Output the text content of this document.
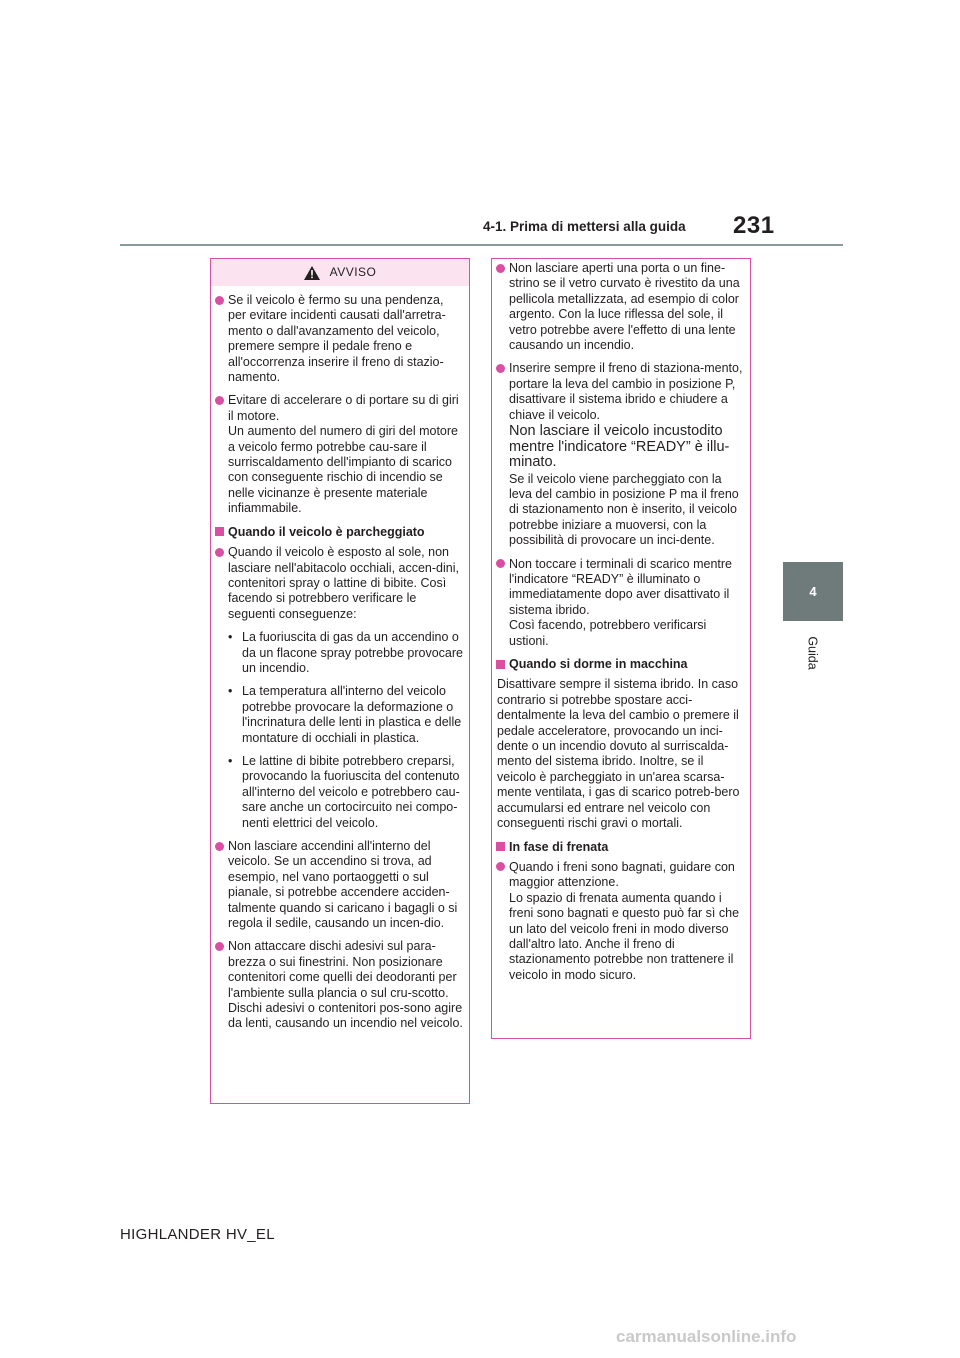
231
4-1. Prima di mettersi alla guida
4
Guida
AVVISO
Se il veicolo è fermo su una pendenza, per evitare incidenti causati dall'arretra-mento o dall'avanzamento del veicolo, premere sempre il pedale freno e all'occorrenza inserire il freno di stazio-namento.
Evitare di accelerare o di portare su di giri il motore.
Un aumento del numero di giri del motore a veicolo fermo potrebbe cau-sare il surriscaldamento dell'impianto di scarico con conseguente rischio di incendio se nelle vicinanze è presente materiale infiammabile.
Quando il veicolo è parcheggiato
Quando il veicolo è esposto al sole, non lasciare nell'abitacolo occhiali, accen-dini, contenitori spray o lattine di bibite. Così facendo si potrebbero verificare le seguenti conseguenze:
• La fuoriuscita di gas da un accendino o da un flacone spray potrebbe provocare un incendio.
• La temperatura all'interno del veicolo potrebbe provocare la deformazione o l'incrinatura delle lenti in plastica e delle montature di occhiali in plastica.
• Le lattine di bibite potrebbero creparsi, provocando la fuoriuscita del contenuto all'interno del veicolo e potrebbero cau-sare anche un cortocircuito nei compo-nenti elettrici del veicolo.
Non lasciare accendini all'interno del veicolo. Se un accendino si trova, ad esempio, nel vano portaoggetti o sul pianale, si potrebbe accendere acciden-talmente quando si caricano i bagagli o si regola il sedile, causando un incen-dio.
Non attaccare dischi adesivi sul para-brezza o sui finestrini. Non posizionare contenitori come quelli dei deodoranti per l'ambiente sulla plancia o sul cru-scotto. Dischi adesivi o contenitori pos-sono agire da lenti, causando un incendio nel veicolo.
Non lasciare aperti una porta o un fine-strino se il vetro curvato è rivestito da una pellicola metallizzata, ad esempio di color argento. Con la luce riflessa del sole, il vetro potrebbe avere l'effetto di una lente causando un incendio.
Inserire sempre il freno di staziona-mento, portare la leva del cambio in posizione P, disattivare il sistema ibrido e chiudere a chiave il veicolo.
Non lasciare il veicolo incustodito mentre l'indicatore “READY” è illu-minato.
Se il veicolo viene parcheggiato con la leva del cambio in posizione P ma il freno di stazionamento non è inserito, il veicolo potrebbe iniziare a muoversi, con la possibilità di provocare un inci-dente.
Non toccare i terminali di scarico mentre l'indicatore “READY” è illuminato o immediatamente dopo aver disattivato il sistema ibrido.
Così facendo, potrebbero verificarsi ustioni.
Quando si dorme in macchina
Disattivare sempre il sistema ibrido. In caso contrario si potrebbe spostare acci-dentalmente la leva del cambio o premere il pedale acceleratore, provocando un inci-dente o un incendio dovuto al surriscalda-mento del sistema ibrido. Inoltre, se il veicolo è parcheggiato in un'area scarsa-mente ventilata, i gas di scarico potreb-bero accumularsi ed entrare nel veicolo con conseguenti rischi gravi o mortali.
In fase di frenata
Quando i freni sono bagnati, guidare con maggior attenzione.
Lo spazio di frenata aumenta quando i freni sono bagnati e questo può far sì che un lato del veicolo freni in modo diverso dall'altro lato. Anche il freno di stazionamento potrebbe non trattenere il veicolo in modo sicuro.
HIGHLANDER HV_EL
carmanualsonline.info
